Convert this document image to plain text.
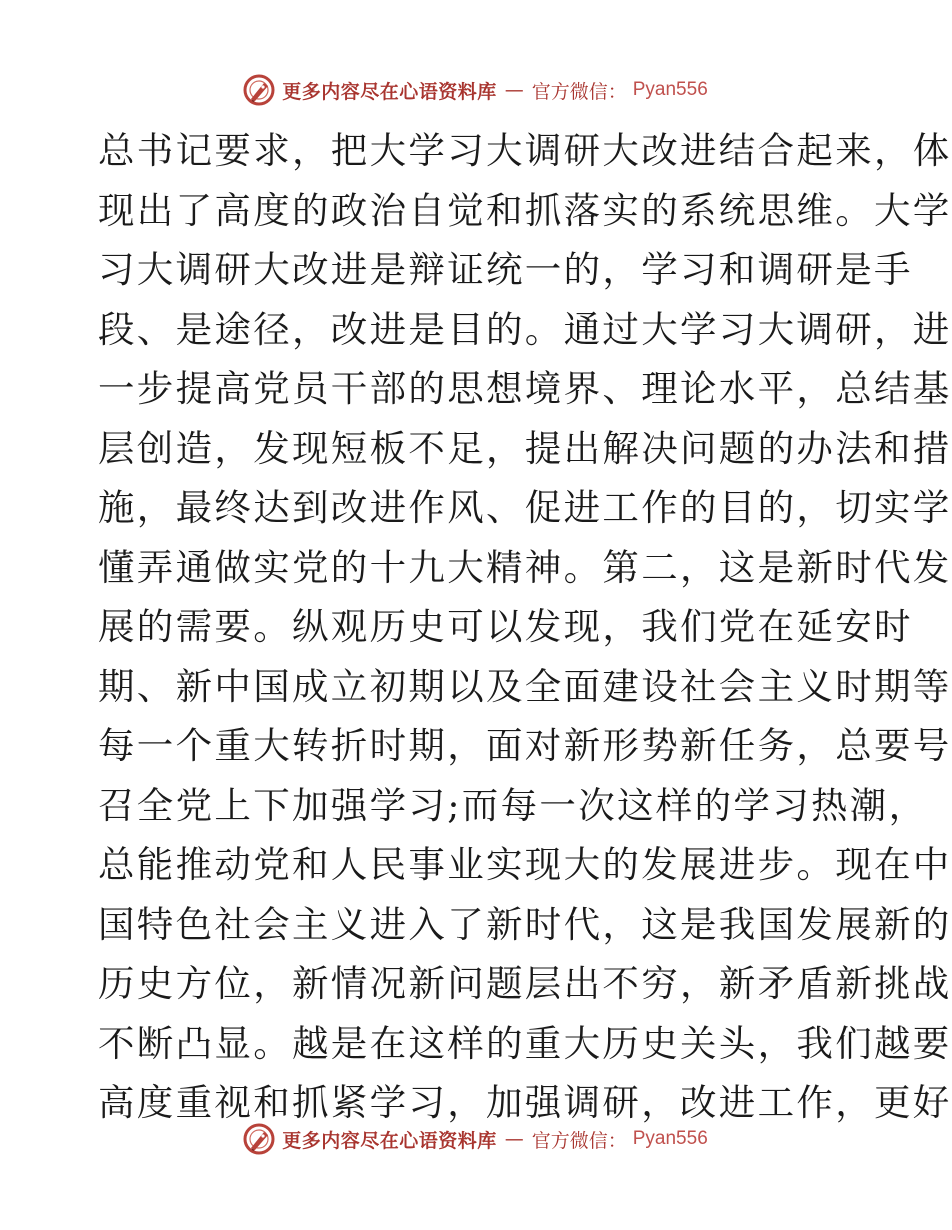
更多内容尽在心语资料库 — 官方微信： Pyan556
总书记要求，把大学习大调研大改进结合起来，体
现出了高度的政治自觉和抓落实的系统思维。大学
习大调研大改进是辩证统一的，学习和调研是手
段、是途径，改进是目的。通过大学习大调研，进
一步提高党员干部的思想境界、理论水平，总结基
层创造，发现短板不足，提出解决问题的办法和措
施，最终达到改进作风、促进工作的目的，切实学
懂弄通做实党的十九大精神。第二，这是新时代发
展的需要。纵观历史可以发现，我们党在延安时
期、新中国成立初期以及全面建设社会主义时期等
每一个重大转折时期，面对新形势新任务，总要号
召全党上下加强学习;而每一次这样的学习热潮，
总能推动党和人民事业实现大的发展进步。现在中
国特色社会主义进入了新时代，这是我国发展新的
历史方位，新情况新问题层出不穷，新矛盾新挑战
不断凸显。越是在这样的重大历史关头，我们越要
高度重视和抓紧学习，加强调研，改进工作，更好
更多内容尽在心语资料库 — 官方微信： Pyan556
